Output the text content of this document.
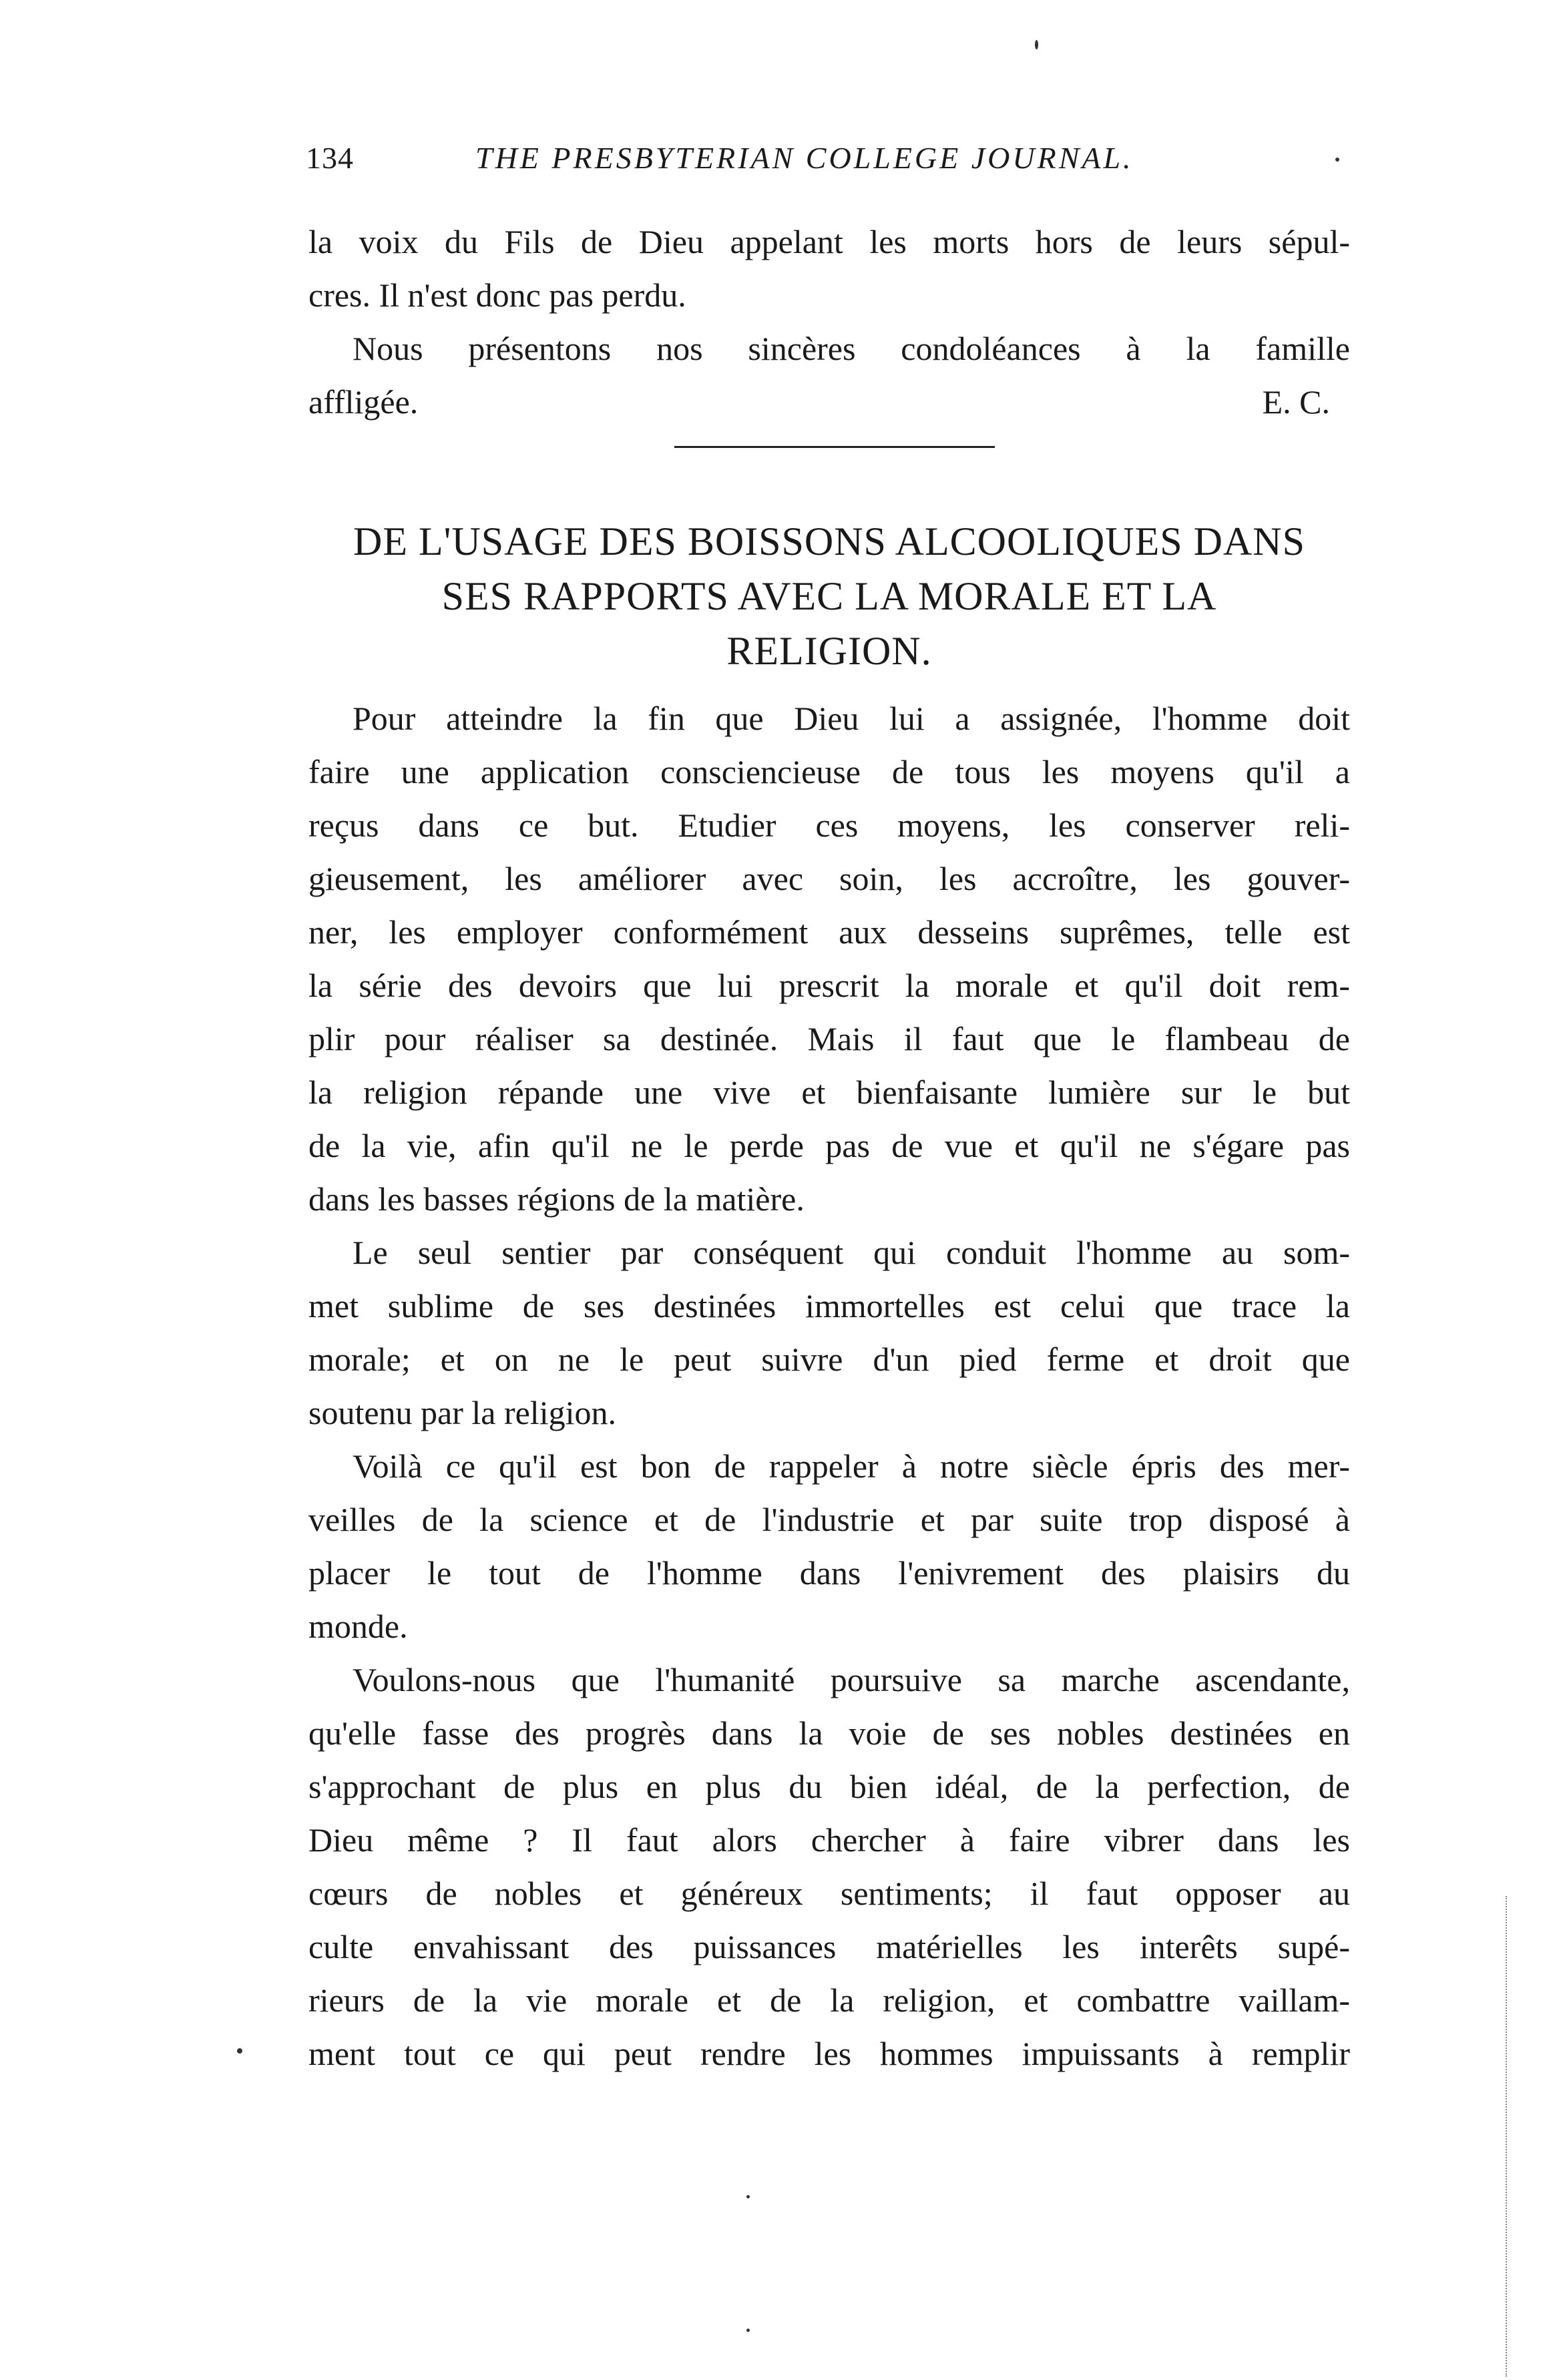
134	THE PRESBYTERIAN COLLEGE JOURNAL.
la voix du Fils de Dieu appelant les morts hors de leurs sépul-
cres. Il n'est donc pas perdu.
Nous présentons nos sincères condoléances à la famille
affligée.	E. C.
DE L'USAGE DES BOISSONS ALCOOLIQUES DANS
SES RAPPORTS AVEC LA MORALE ET LA
RELIGION.
Pour atteindre la fin que Dieu lui a assignée, l'homme doit
faire une application consciencieuse de tous les moyens qu'il a
reçus dans ce but. Etudier ces moyens, les conserver reli-
gieusement, les améliorer avec soin, les accroître, les gouver-
ner, les employer conformément aux desseins suprêmes, telle est
la série des devoirs que lui prescrit la morale et qu'il doit rem-
plir pour réaliser sa destinée. Mais il faut que le flambeau de
la religion répande une vive et bienfaisante lumière sur le but
de la vie, afin qu'il ne le perde pas de vue et qu'il ne s'égare pas
dans les basses régions de la matière.
Le seul sentier par conséquent qui conduit l'homme au som-
met sublime de ses destinées immortelles est celui que trace la
morale; et on ne le peut suivre d'un pied ferme et droit que
soutenu par la religion.
Voilà ce qu'il est bon de rappeler à notre siècle épris des mer-
veilles de la science et de l'industrie et par suite trop disposé à
placer le tout de l'homme dans l'enivrement des plaisirs du
monde.
Voulons-nous que l'humanité poursuive sa marche ascendante,
qu'elle fasse des progrès dans la voie de ses nobles destinées en
s'approchant de plus en plus du bien idéal, de la perfection, de
Dieu même ? Il faut alors chercher à faire vibrer dans les
cœurs de nobles et généreux sentiments; il faut opposer au
culte envahissant des puissances matérielles les interêts supé-
rieurs de la vie morale et de la religion, et combattre vaillam-
ment tout ce qui peut rendre les hommes impuissants à remplir
